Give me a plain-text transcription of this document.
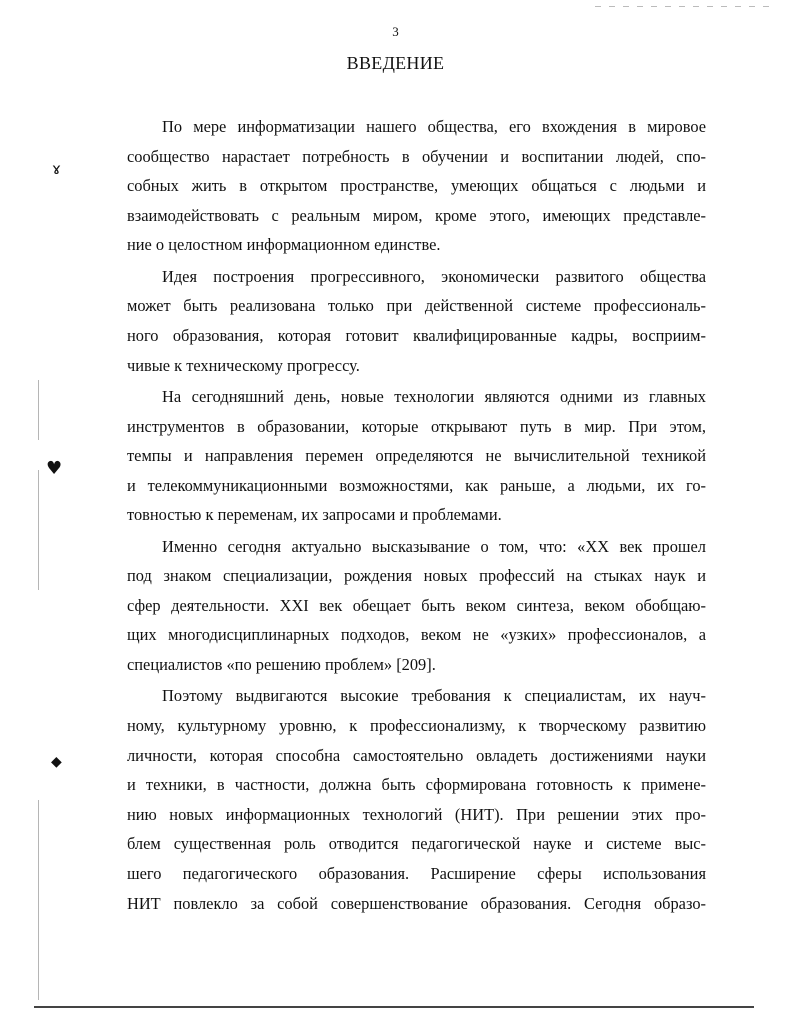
3
ВВЕДЕНИЕ
По мере информатизации нашего общества, его вхождения в мировое
сообщество нарастает потребность в обучении и воспитании людей, спо-
собных жить в открытом пространстве, умеющих общаться с людьми и
взаимодействовать с реальным миром, кроме этого, имеющих представле-
ние о целостном информационном единстве.
Идея построения прогрессивного, экономически развитого общества
может быть реализована только при действенной системе профессиональ-
ного образования, которая готовит квалифицированные кадры, восприим-
чивые к техническому прогрессу.
На сегодняшний день, новые технологии являются одними из главных
инструментов в образовании, которые открывают путь в мир. При этом,
темпы и направления перемен определяются не вычислительной техникой
и телекоммуникационными возможностями, как раньше, а людьми, их го-
товностью к переменам, их запросами и проблемами.
Именно сегодня актуально высказывание о том, что: «XX век прошел
под знаком специализации, рождения новых профессий на стыках наук и
сфер деятельности. XXI век обещает быть веком синтеза, веком обобщаю-
щих многодисциплинарных подходов, веком не «узких» профессионалов, а
специалистов «по решению проблем» [209].
Поэтому выдвигаются высокие требования к специалистам, их науч-
ному, культурному уровню, к профессионализму, к творческому развитию
личности, которая способна самостоятельно овладеть достижениями науки
и техники, в частности, должна быть сформирована готовность к примене-
нию новых информационных технологий (НИТ). При решении этих про-
блем существенная роль отводится педагогической науке и системе выс-
шего педагогического образования. Расширение сферы использования
НИТ повлекло за собой совершенствование образования. Сегодня образо-
ɤ
♥
◆
